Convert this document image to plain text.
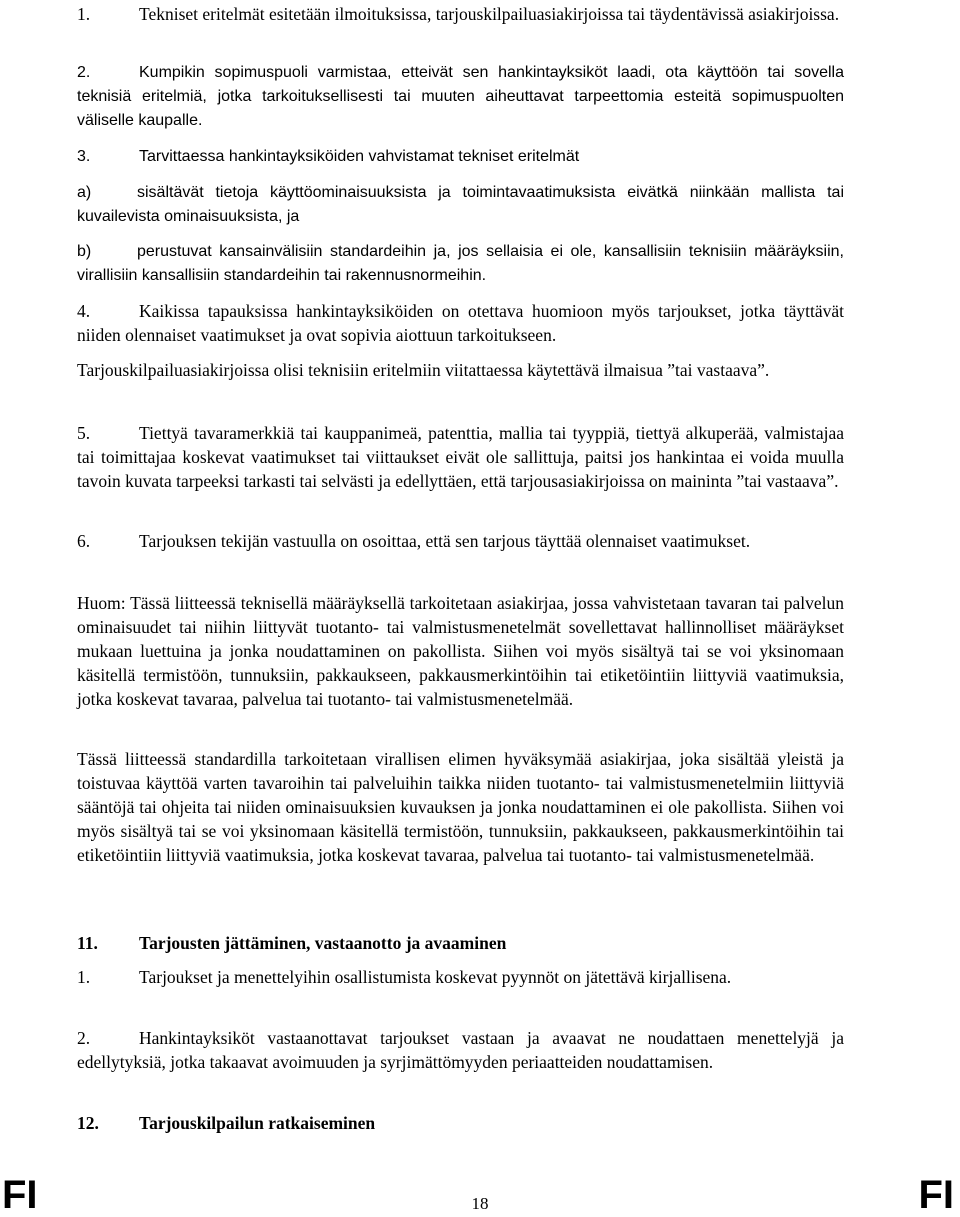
1.	Tekniset eritelmät esitetään ilmoituksissa, tarjouskilpailuasiakirjoissa tai täydentävissä asiakirjoissa.

2.	Kumpikin sopimuspuoli varmistaa, etteivät sen hankintayksiköt laadi, ota käyttöön tai sovella teknisiä eritelmiä, jotka tarkoituksellisesti tai muuten aiheuttavat tarpeettomia esteitä sopimuspuolten väliselle kaupalle.

3.	Tarvittaessa hankintayksiköiden vahvistamat tekniset eritelmät

a)	sisältävät tietoja käyttöominaisuuksista ja toimintavaatimuksista eivätkä niinkään mallista tai kuvailevista ominaisuuksista, ja

b)	perustuvat kansainvälisiin standardeihin ja, jos sellaisia ei ole, kansallisiin teknisiin määräyksiin, virallisiin kansallisiin standardeihin tai rakennusnormeihin.

4.	Kaikissa tapauksissa hankintayksiköiden on otettava huomioon myös tarjoukset, jotka täyttävät niiden olennaiset vaatimukset ja ovat sopivia aiottuun tarkoitukseen.

Tarjouskilpailuasiakirjoissa olisi teknisiin eritelmiin viitattaessa käytettävä ilmaisua ”tai vastaava”.

5.	Tiettyä tavaramerkkiä tai kauppanimeä, patenttia, mallia tai tyyppiä, tiettyä alkuperää, valmistajaa tai toimittajaa koskevat vaatimukset tai viittaukset eivät ole sallittuja, paitsi jos hankintaa ei voida muulla tavoin kuvata tarpeeksi tarkasti tai selvästi ja edellyttäen, että tarjousasiakirjoissa on maininta ”tai vastaava”.

6.	Tarjouksen tekijän vastuulla on osoittaa, että sen tarjous täyttää olennaiset vaatimukset.

Huom: Tässä liitteessä teknisellä määräyksellä tarkoitetaan asiakirjaa, jossa vahvistetaan tavaran tai palvelun ominaisuudet tai niihin liittyvät tuotanto- tai valmistusmenetelmät sovellettavat hallinnolliset määräykset mukaan luettuina ja jonka noudattaminen on pakollista. Siihen voi myös sisältyä tai se voi yksinomaan käsitellä termistöön, tunnuksiin, pakkaukseen, pakkausmerkintöihin tai etiketöintiin liittyviä vaatimuksia, jotka koskevat tavaraa, palvelua tai tuotanto- tai valmistusmenetelmää.

Tässä liitteessä standardilla tarkoitetaan virallisen elimen hyväksymää asiakirjaa, joka sisältää yleistä ja toistuvaa käyttöä varten tavaroihin tai palveluihin taikka niiden tuotanto- tai valmistusmenetelmiin liittyviä sääntöjä tai ohjeita tai niiden ominaisuuksien kuvauksen ja jonka noudattaminen ei ole pakollista. Siihen voi myös sisältyä tai se voi yksinomaan käsitellä termistöön, tunnuksiin, pakkaukseen, pakkausmerkintöihin tai etiketöintiin liittyviä vaatimuksia, jotka koskevat tavaraa, palvelua tai tuotanto- tai valmistusmenetelmää.

11. Tarjousten jättäminen, vastaanotto ja avaaminen

1.	Tarjoukset ja menettelyihin osallistumista koskevat pyynnöt on jätettävä kirjallisena.

2.	Hankintayksiköt vastaanottavat tarjoukset vastaan ja avaavat ne noudattaen menettelyjä ja edellytyksiä, jotka takaavat avoimuuden ja syrjimättömyyden periaatteiden noudattamisen.

12. Tarjouskilpailun ratkaiseminen

FI	18	FI
